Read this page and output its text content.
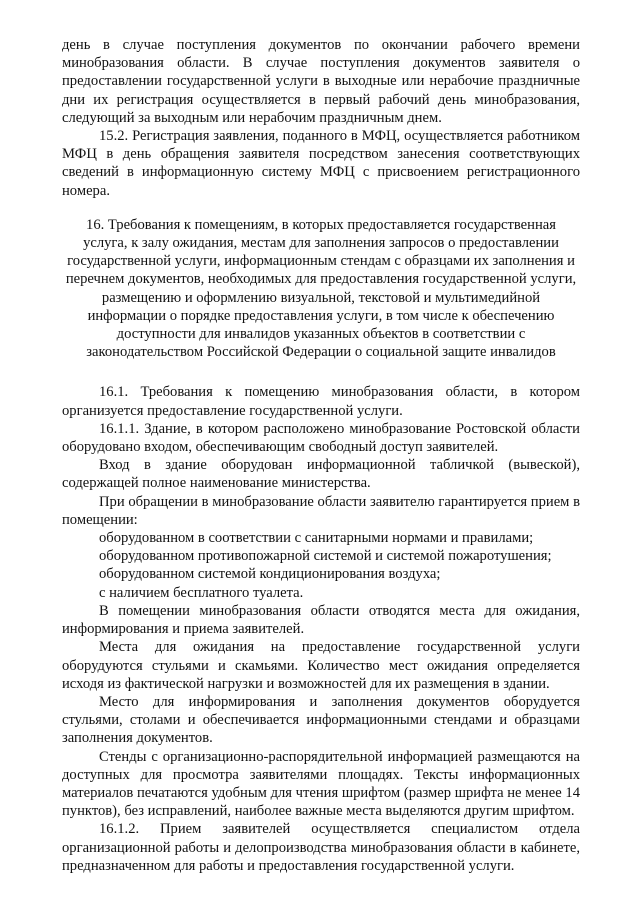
день в случае поступления документов по окончании рабочего времени минобразования области. В случае поступления документов заявителя о предоставлении государственной услуги в выходные или нерабочие праздничные дни их регистрация осуществляется в первый рабочий день минобразования, следующий за выходным или нерабочим праздничным днем.

15.2. Регистрация заявления, поданного в МФЦ, осуществляется работником МФЦ в день обращения заявителя посредством занесения соответствующих сведений в информационную систему МФЦ с присвоением регистрационного номера.

16. Требования к помещениям, в которых предоставляется государственная услуга, к залу ожидания, местам для заполнения запросов о предоставлении государственной услуги, информационным стендам с образцами их заполнения и перечнем документов, необходимых для предоставления государственной услуги, размещению и оформлению визуальной, текстовой и мультимедийной информации о порядке предоставления услуги, в том числе к обеспечению доступности для инвалидов указанных объектов в соответствии с законодательством Российской Федерации о социальной защите инвалидов

16.1. Требования к помещению минобразования области, в котором организуется предоставление государственной услуги.

16.1.1. Здание, в котором расположено минобразование Ростовской области оборудовано входом, обеспечивающим свободный доступ заявителей.

Вход в здание оборудован информационной табличкой (вывеской), содержащей полное наименование министерства.

При обращении в минобразование области заявителю гарантируется прием в помещении:

оборудованном в соответствии с санитарными нормами и правилами;

оборудованном противопожарной системой и системой пожаротушения;

оборудованном системой кондиционирования воздуха;

с наличием бесплатного туалета.

В помещении минобразования области отводятся места для ожидания, информирования и приема заявителей.

Места для ожидания на предоставление государственной услуги оборудуются стульями и скамьями. Количество мест ожидания определяется исходя из фактической нагрузки и возможностей для их размещения в здании.

Место для информирования и заполнения документов оборудуется стульями, столами и обеспечивается информационными стендами и образцами заполнения документов.

Стенды с организационно-распорядительной информацией размещаются на доступных для просмотра заявителями площадях. Тексты информационных материалов печатаются удобным для чтения шрифтом (размер шрифта не менее 14 пунктов), без исправлений, наиболее важные места выделяются другим шрифтом.

16.1.2. Прием заявителей осуществляется специалистом отдела организационной работы и делопроизводства минобразования области в кабинете, предназначенном для работы и предоставления государственной услуги.
